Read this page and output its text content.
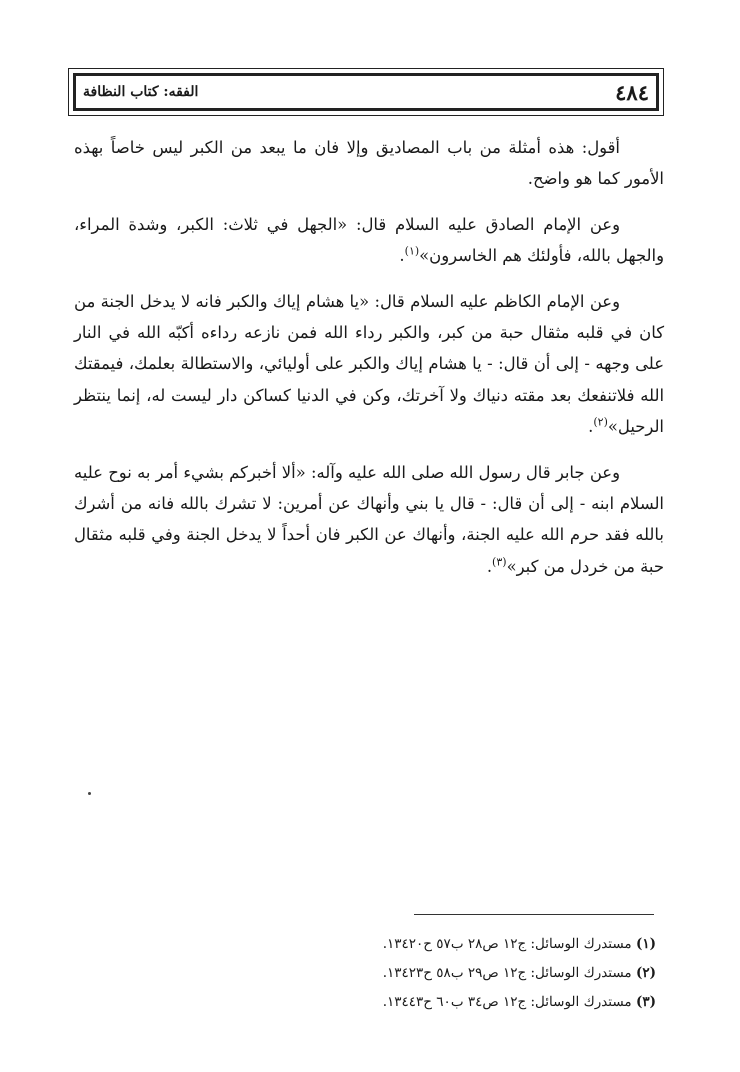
الفقه: كتاب النظافة	٤٨٤

أقول: هذه أمثلة من باب المصاديق وإلا فان ما يبعد من الكبر ليس خاصاً بهذه الأمور كما هو واضح.

وعن الإمام الصادق عليه السلام قال: «الجهل في ثلاث: الكبر، وشدة المراء، والجهل بالله، فأولئك هم الخاسرون»$^{(١)}$.

وعن الإمام الكاظم عليه السلام قال: «يا هشام إياك والكبر فانه لا يدخل الجنة من كان في قلبه مثقال حبة من كبر، والكبر رداء الله فمن نازعه رداءه أكبّه الله في النار على وجهه - إلى أن قال: - يا هشام إياك والكبر على أوليائي، والاستطالة بعلمك، فيمقتك الله فلاتنفعك بعد مقته دنياك ولا آخرتك، وكن في الدنيا كساكن دار ليست له، إنما ينتظر الرحيل»$^{(٢)}$.

وعن جابر قال رسول الله صلى الله عليه وآله: «ألا أخبركم بشيء أمر به نوح عليه السلام ابنه - إلى أن قال: - قال يا بني وأنهاك عن أمرين: لا تشرك بالله فانه من أشرك بالله فقد حرم الله عليه الجنة، وأنهاك عن الكبر فان أحداً لا يدخل الجنة وفي قلبه مثقال حبة من خردل من كبر»$^{(٣)}$.

(١) مستدرك الوسائل: ج١٢ ص٢٨ ب٥٧ ح١٣٤٢٠.
(٢) مستدرك الوسائل: ج١٢ ص٢٩ ب٥٨ ح١٣٤٢٣.
(٣) مستدرك الوسائل: ج١٢ ص٣٤ ب٦٠ ح١٣٤٤٣.
